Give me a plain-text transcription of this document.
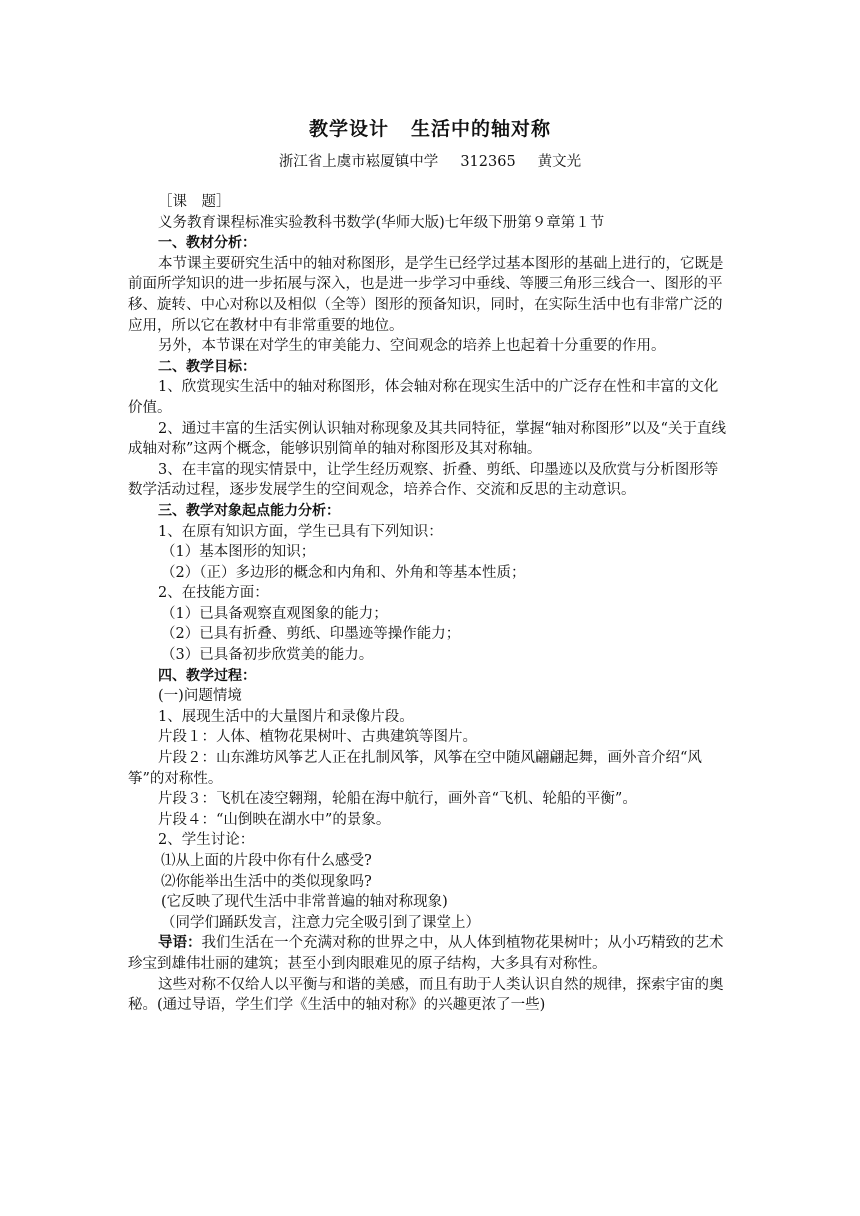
教学设计 生活中的轴对称
浙江省上虞市崧厦镇中学 312365 黄文光

［课　题］

义务教育课程标准实验教科书数学(华师大版)七年级下册第９章第１节

一、教材分析：

本节课主要研究生活中的轴对称图形，是学生已经学过基本图形的基础上进行的，它既是前面所学知识的进一步拓展与深入，也是进一步学习中垂线、等腰三角形三线合一、图形的平移、旋转、中心对称以及相似（全等）图形的预备知识，同时，在实际生活中也有非常广泛的应用，所以它在教材中有非常重要的地位。

另外，本节课在对学生的审美能力、空间观念的培养上也起着十分重要的作用。

二、教学目标：

1、欣赏现实生活中的轴对称图形，体会轴对称在现实生活中的广泛存在性和丰富的文化价值。

2、通过丰富的生活实例认识轴对称现象及其共同特征，掌握“轴对称图形”以及“关于直线成轴对称”这两个概念，能够识别简单的轴对称图形及其对称轴。

3、在丰富的现实情景中，让学生经历观察、折叠、剪纸、印墨迹以及欣赏与分析图形等数学活动过程，逐步发展学生的空间观念，培养合作、交流和反思的主动意识。

三、教学对象起点能力分析：

1、在原有知识方面，学生已具有下列知识：

（1）基本图形的知识；

（2）（正）多边形的概念和内角和、外角和等基本性质；

2、在技能方面：

（1）已具备观察直观图象的能力；

（2）已具有折叠、剪纸、印墨迹等操作能力；

（3）已具备初步欣赏美的能力。

四、教学过程：

(一)问题情境

1、展现生活中的大量图片和录像片段。

片段１：人体、植物花果树叶、古典建筑等图片。

片段２：山东潍坊风筝艺人正在扎制风筝，风筝在空中随风翩翩起舞，画外音介绍“风筝”的对称性。

片段３：飞机在凌空翱翔，轮船在海中航行，画外音“飞机、轮船的平衡”。

片段４：“山倒映在湖水中”的景象。

2、学生讨论：

⑴从上面的片段中你有什么感受?

⑵你能举出生活中的类似现象吗?

(它反映了现代生活中非常普遍的轴对称现象)

（同学们踊跃发言，注意力完全吸引到了课堂上）

导语：我们生活在一个充满对称的世界之中，从人体到植物花果树叶；从小巧精致的艺术珍宝到雄伟壮丽的建筑；甚至小到肉眼难见的原子结构，大多具有对称性。

这些对称不仅给人以平衡与和谐的美感，而且有助于人类认识自然的规律，探索宇宙的奥秘。(通过导语，学生们学《生活中的轴对称》的兴趣更浓了一些)
